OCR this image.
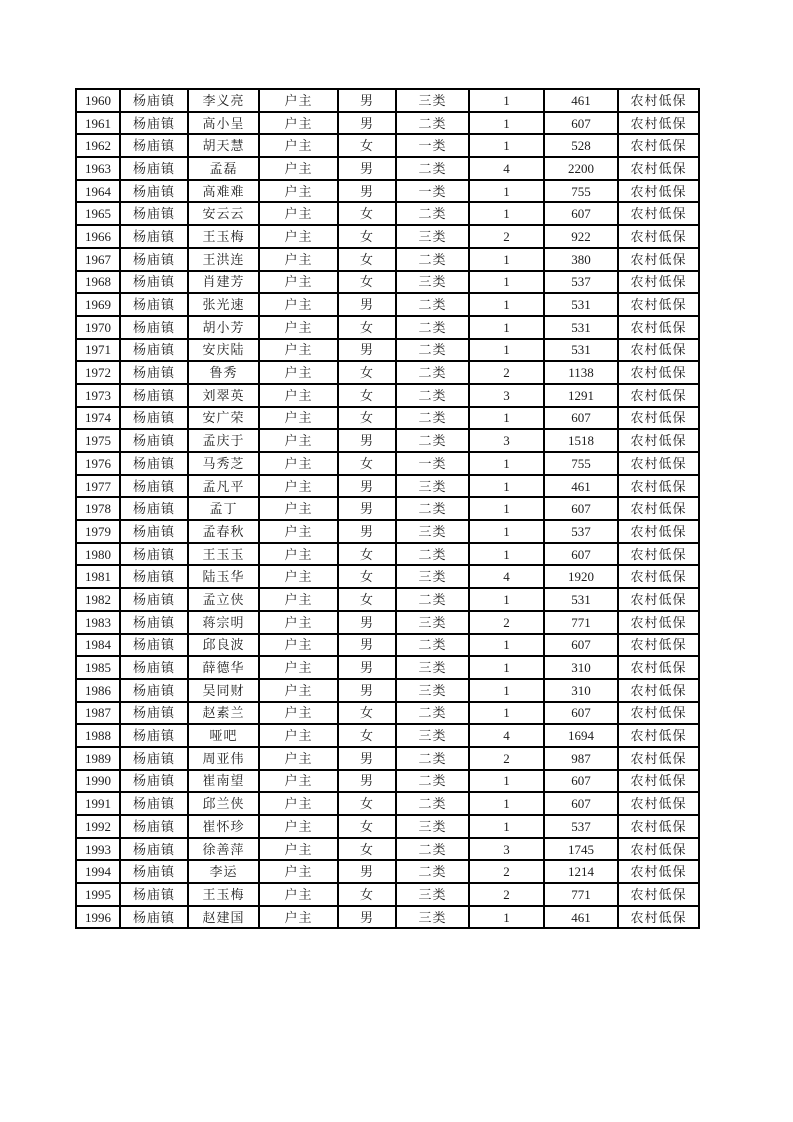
1960	杨庙镇	李义亮	户主	男	三类	1	461	农村低保
1961	杨庙镇	高小呈	户主	男	二类	1	607	农村低保
1962	杨庙镇	胡天慧	户主	女	一类	1	528	农村低保
1963	杨庙镇	孟磊	户主	男	二类	4	2200	农村低保
1964	杨庙镇	高难难	户主	男	一类	1	755	农村低保
1965	杨庙镇	安云云	户主	女	二类	1	607	农村低保
1966	杨庙镇	王玉梅	户主	女	三类	2	922	农村低保
1967	杨庙镇	王洪连	户主	女	二类	1	380	农村低保
1968	杨庙镇	肖建芳	户主	女	三类	1	537	农村低保
1969	杨庙镇	张光速	户主	男	二类	1	531	农村低保
1970	杨庙镇	胡小芳	户主	女	二类	1	531	农村低保
1971	杨庙镇	安庆陆	户主	男	二类	1	531	农村低保
1972	杨庙镇	鲁秀	户主	女	二类	2	1138	农村低保
1973	杨庙镇	刘翠英	户主	女	二类	3	1291	农村低保
1974	杨庙镇	安广荣	户主	女	二类	1	607	农村低保
1975	杨庙镇	孟庆于	户主	男	二类	3	1518	农村低保
1976	杨庙镇	马秀芝	户主	女	一类	1	755	农村低保
1977	杨庙镇	孟凡平	户主	男	三类	1	461	农村低保
1978	杨庙镇	孟丁	户主	男	二类	1	607	农村低保
1979	杨庙镇	孟春秋	户主	男	三类	1	537	农村低保
1980	杨庙镇	王玉玉	户主	女	二类	1	607	农村低保
1981	杨庙镇	陆玉华	户主	女	三类	4	1920	农村低保
1982	杨庙镇	孟立侠	户主	女	二类	1	531	农村低保
1983	杨庙镇	蒋宗明	户主	男	三类	2	771	农村低保
1984	杨庙镇	邱良波	户主	男	二类	1	607	农村低保
1985	杨庙镇	薛德华	户主	男	三类	1	310	农村低保
1986	杨庙镇	吴同财	户主	男	三类	1	310	农村低保
1987	杨庙镇	赵素兰	户主	女	二类	1	607	农村低保
1988	杨庙镇	哑吧	户主	女	三类	4	1694	农村低保
1989	杨庙镇	周亚伟	户主	男	二类	2	987	农村低保
1990	杨庙镇	崔南望	户主	男	二类	1	607	农村低保
1991	杨庙镇	邱兰侠	户主	女	二类	1	607	农村低保
1992	杨庙镇	崔怀珍	户主	女	三类	1	537	农村低保
1993	杨庙镇	徐善萍	户主	女	二类	3	1745	农村低保
1994	杨庙镇	李运	户主	男	二类	2	1214	农村低保
1995	杨庙镇	王玉梅	户主	女	三类	2	771	农村低保
1996	杨庙镇	赵建国	户主	男	三类	1	461	农村低保
